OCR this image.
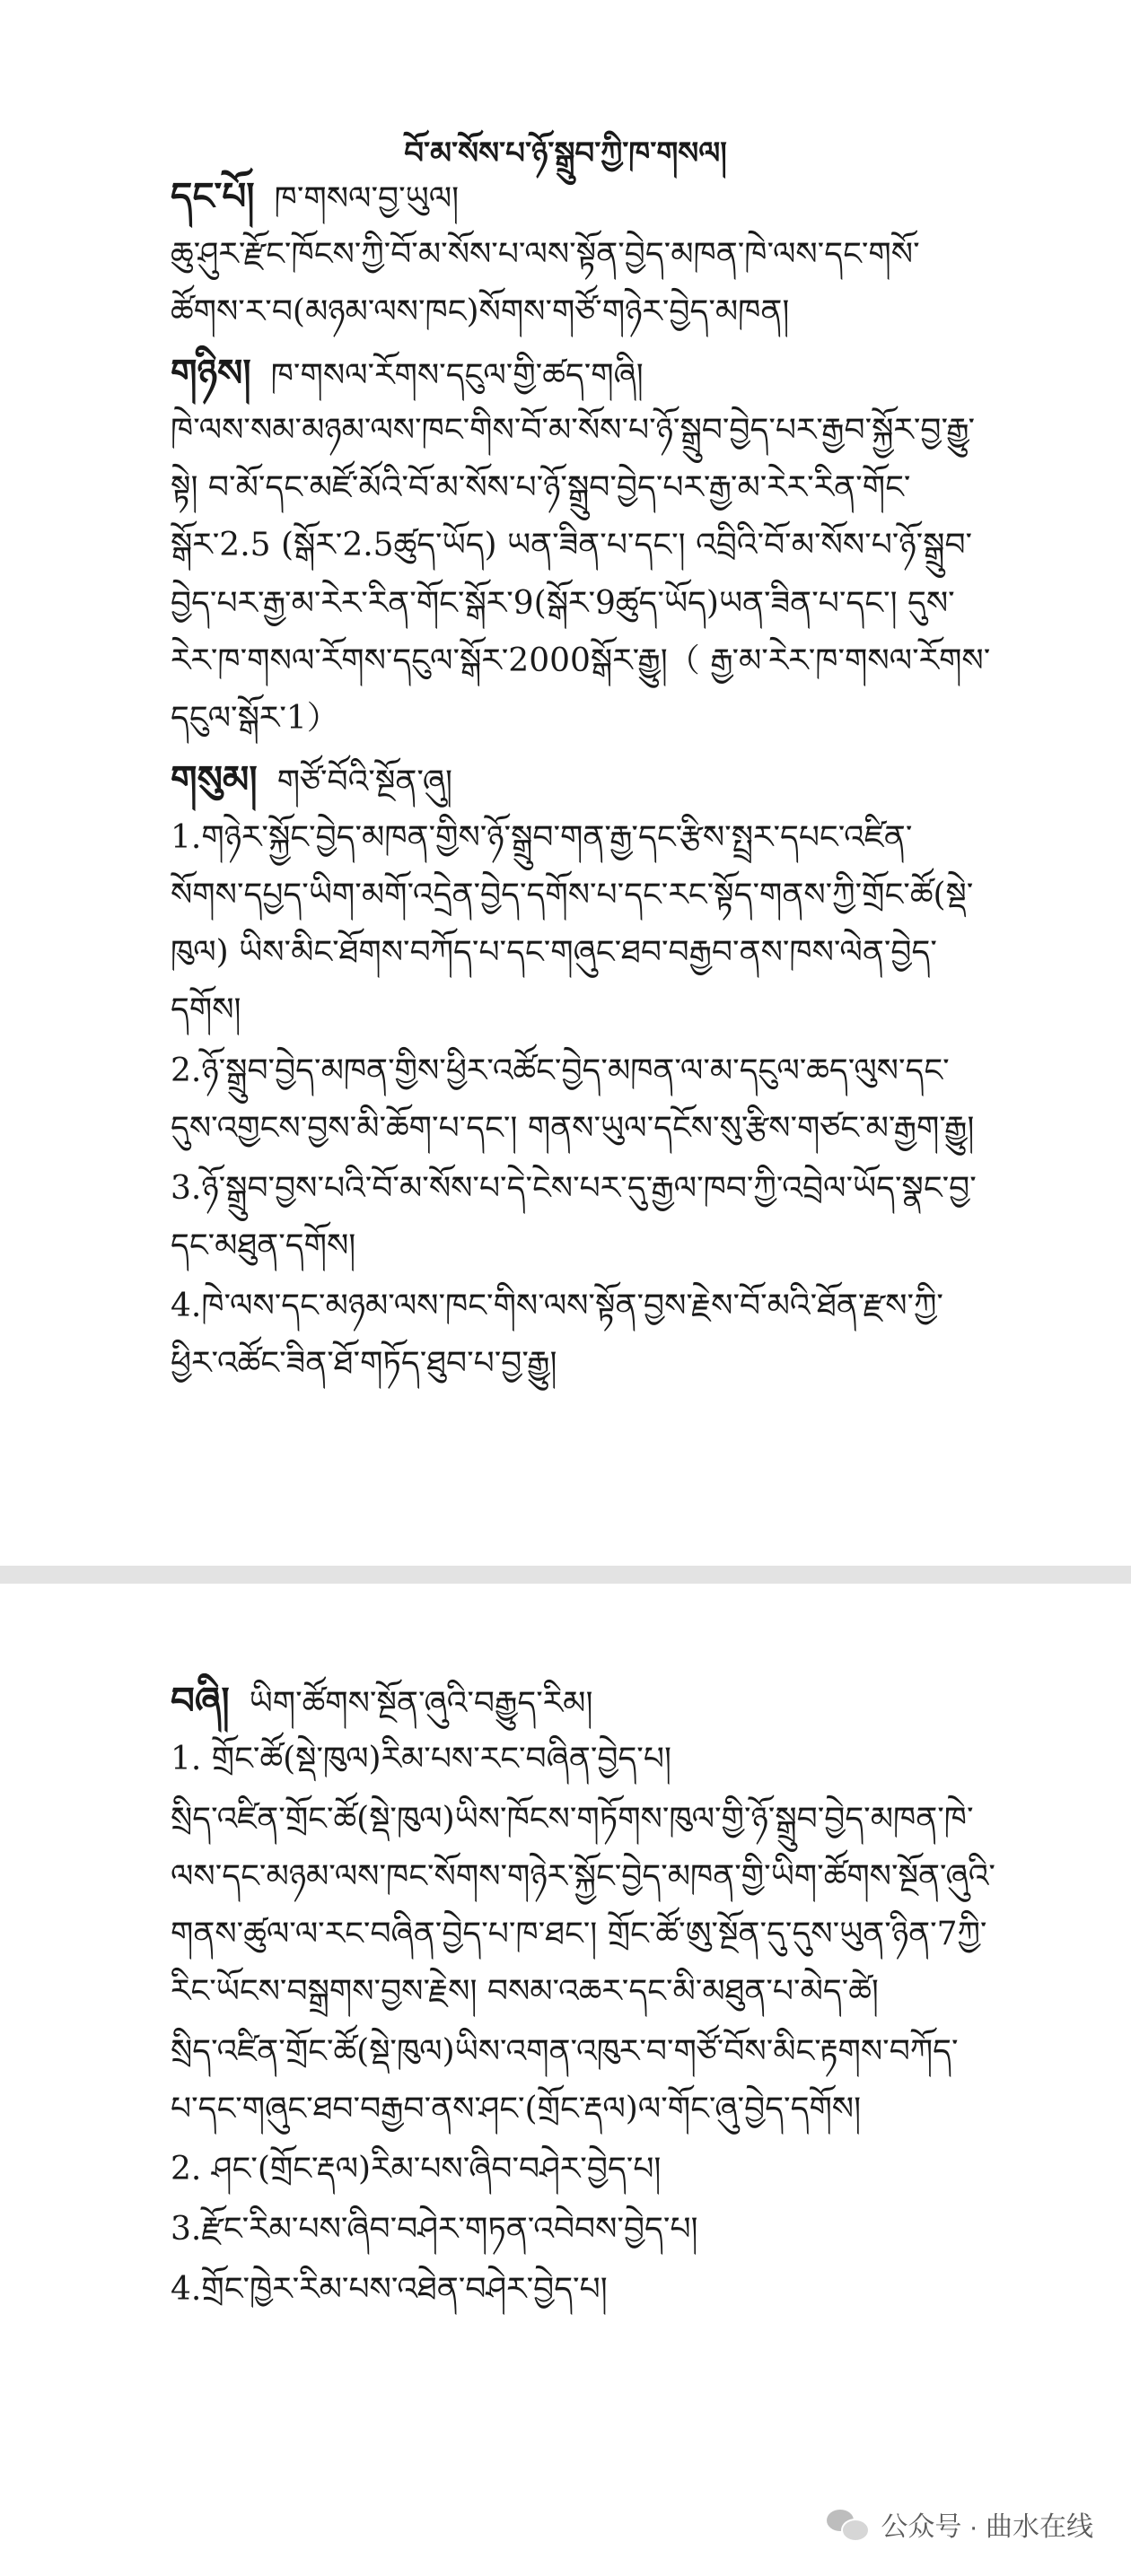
བོ་མ་སོས་པ་ཉོ་སྒྲུབ་ཀྱི་ཁ་གསལ།
དང་པོ། ཁ་གསལ་བྱ་ཡུལ།
ཆུ་ཤུར་རྫོང་ཁོངས་ཀྱི་བོ་མ་སོས་པ་ལས་སྟོན་བྱེད་མཁན་ཁེ་ལས་དང་གསོ་
ཚོགས་ར་བ(མཉམ་ལས་ཁང)སོགས་གཙོ་གཉེར་བྱེད་མཁན།
གཉིས། ཁ་གསལ་རོགས་དངུལ་གྱི་ཚད་གཞི།
ཁེ་ལས་སམ་མཉམ་ལས་ཁང་གིས་བོ་མ་སོས་པ་ཉོ་སྒྲུབ་བྱེད་པར་རྒྱབ་སྐྱོར་བྱ་རྒྱུ་
སྟེ། བ་མོ་དང་མཛོ་མོའི་བོ་མ་སོས་པ་ཉོ་སྒྲུབ་བྱེད་པར་རྒྱ་མ་རེར་རིན་གོང་
སྒོར་2.5 (སྒོར་2.5ཚུད་ཡོད) ཡན་ཟིན་པ་དང་། འབྲིའི་བོ་མ་སོས་པ་ཉོ་སྒྲུབ་
བྱེད་པར་རྒྱ་མ་རེར་རིན་གོང་སྒོར་9(སྒོར་9ཚུད་ཡོད)ཡན་ཟིན་པ་དང་། དུས་
རེར་ཁ་གསལ་རོགས་དངུལ་སྒོར་2000སྒོར་རྒྱུ།（ རྒྱ་མ་རེར་ཁ་གསལ་རོགས་
དངུལ་སྒོར་1）
གསུམ། གཙོ་བོའི་སྔོན་ཞུ།
1.གཉེར་སྐྱོང་བྱེད་མཁན་གྱིས་ཉོ་སྒྲུབ་གན་རྒྱ་དང་རྩིས་སྤྲར་དཔང་འཛིན་
སོགས་དཔྱད་ཡིག་མགོ་འདྲེན་བྱེད་དགོས་པ་དང་རང་སྟོད་གནས་ཀྱི་གྲོང་ཚོ(སྡེ་
ཁུལ) ཡིས་མིང་ཐོགས་བཀོད་པ་དང་གཞུང་ཐབ་བརྒྱབ་ནས་ཁས་ལེན་བྱེད་
དགོས།
2.ཉོ་སྒྲུབ་བྱེད་མཁན་གྱིས་ཕྱིར་འཚོང་བྱེད་མཁན་ལ་མ་དངུལ་ཆད་ལུས་དང་
དུས་འགྱངས་བྱས་མི་ཆོག་པ་དང་། གནས་ཡུལ་དངོས་སུ་རྩིས་གཙང་མ་རྒྱག་རྒྱུ།
3.ཉོ་སྒྲུབ་བྱས་པའི་བོ་མ་སོས་པ་དེ་ངེས་པར་དུ་རྒྱལ་ཁབ་ཀྱི་འབྲེལ་ཡོད་སྣང་བྱ་
དང་མཐུན་དགོས།
4.ཁེ་ལས་དང་མཉམ་ལས་ཁང་གིས་ལས་སྟོན་བྱས་རྗེས་བོ་མའི་ཐོན་རྫས་ཀྱི་
ཕྱིར་འཚོང་ཟིན་ཐོ་གཏོད་ཐུབ་པ་བྱ་རྒྱུ།
བཞི། ཡིག་ཚོགས་སྔོན་ཞུའི་བརྒྱུད་རིམ།
1. གྲོང་ཚོ(སྡེ་ཁུལ)རིམ་པས་རང་བཞིན་བྱེད་པ།
སྲིད་འཛིན་གྲོང་ཚོ(སྡེ་ཁུལ)ཡིས་ཁོངས་གཏོགས་ཁུལ་གྱི་ཉོ་སྒྲུབ་བྱེད་མཁན་ཁེ་
ལས་དང་མཉམ་ལས་ཁང་སོགས་གཉེར་སྐྱོང་བྱེད་མཁན་གྱི་ཡིག་ཚོགས་སྔོན་ཞུའི་
གནས་ཚུལ་ལ་རང་བཞིན་བྱེད་པ་ཁ་ཐང་། གྲོང་ཚོ་ཨུ་སྔོན་དུ་དུས་ཡུན་ཉིན་7ཀྱི་
རིང་ཡོངས་བསྒྲགས་བྱས་རྗེས། བསམ་འཆར་དང་མི་མཐུན་པ་མེད་ཚེ།
སྲིད་འཛིན་གྲོང་ཚོ(སྡེ་ཁུལ)ཡིས་འགན་འཁུར་བ་གཙོ་བོས་མིང་རྟགས་བཀོད་
པ་དང་གཞུང་ཐབ་བརྒྱབ་ནས་ཤང་(གྲོང་རྡལ)ལ་གོང་ཞུ་བྱེད་དགོས།
2. ཤང་(གྲོང་རྡལ)རིམ་པས་ཞིབ་བཤེར་བྱེད་པ།
3.རྫོང་རིམ་པས་ཞིབ་བཤེར་གཏན་འབེབས་བྱེད་པ།
4.གྲོང་ཁྱེར་རིམ་པས་འཐེན་བཤེར་བྱེད་པ།
公众号 · 曲水在线
